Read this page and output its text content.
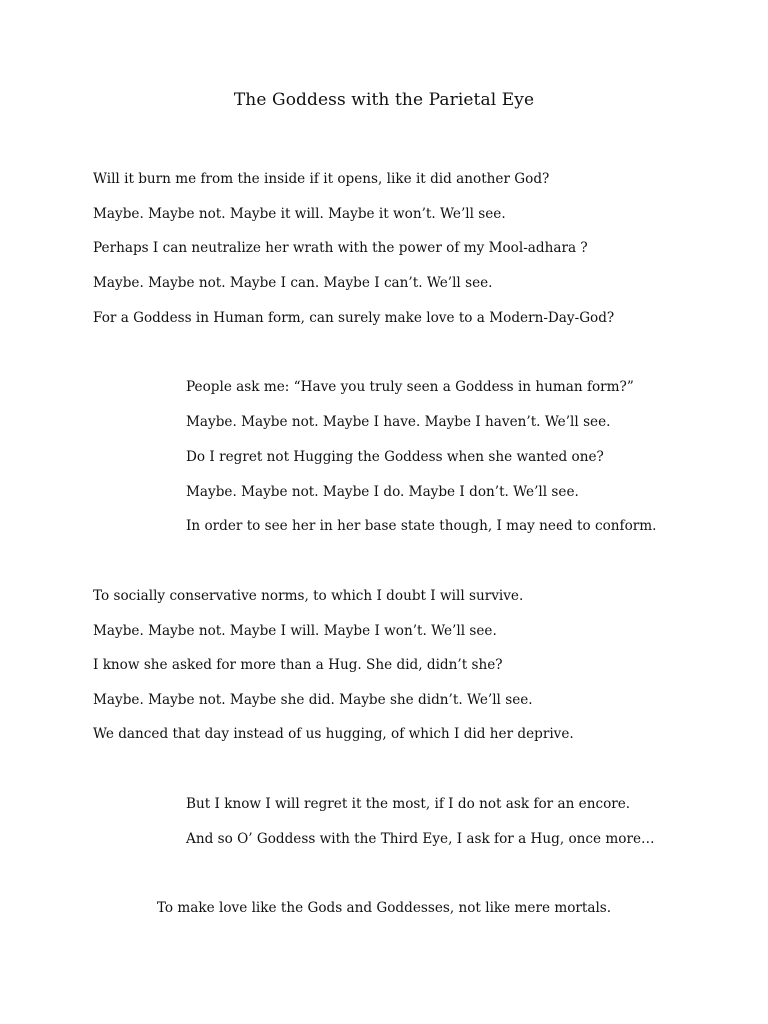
The Goddess with the Parietal Eye
Will it burn me from the inside if it opens, like it did another God?
Maybe. Maybe not. Maybe it will. Maybe it won’t. We’ll see.
Perhaps I can neutralize her wrath with the power of my Mool-adhara ?
Maybe. Maybe not. Maybe I can. Maybe I can’t. We’ll see.
For a Goddess in Human form, can surely make love to a Modern-Day-God?
People ask me: “Have you truly seen a Goddess in human form?”
Maybe. Maybe not. Maybe I have. Maybe I haven’t. We’ll see.
Do I regret not Hugging the Goddess when she wanted one?
Maybe. Maybe not. Maybe I do. Maybe I don’t. We’ll see.
In order to see her in her base state though, I may need to conform.
To socially conservative norms, to which I doubt I will survive.
Maybe. Maybe not. Maybe I will. Maybe I won’t. We’ll see.
I know she asked for more than a Hug. She did, didn’t she?
Maybe. Maybe not. Maybe she did. Maybe she didn’t. We’ll see.
We danced that day instead of us hugging, of which I did her deprive.
But I know I will regret it the most, if I do not ask for an encore.
And so O’ Goddess with the Third Eye, I ask for a Hug, once more…
To make love like the Gods and Goddesses, not like mere mortals.
